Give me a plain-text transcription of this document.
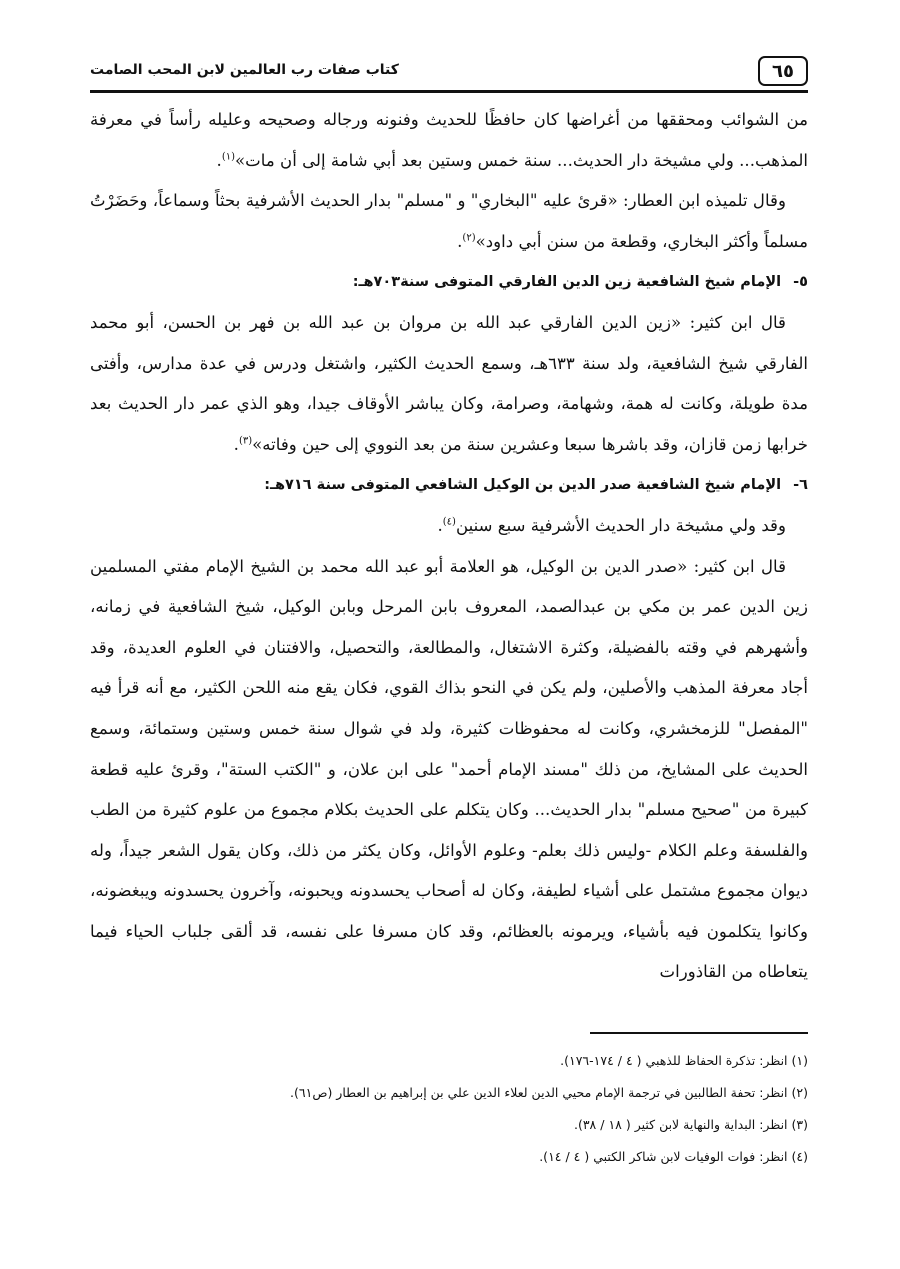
٦٥
كتاب صفات رب العالمين لابن المحب الصامت

من الشوائب ومحققها من أغراضها كان حافظًا للحديث وفنونه ورجاله وصحيحه وعليله رأساً في معرفة المذهب... ولي مشيخة دار الحديث... سنة خمس وستين بعد أبي شامة إلى أن مات»$^{(١)}$.

وقال تلميذه ابن العطار: «قرئ عليه "البخاري" و "مسلم" بدار الحديث الأشرفية بحثاً وسماعاً، وحَضَرْتُ مسلماً وأكثر البخاري، وقطعة من سنن أبي داود»$^{(٢)}$.

٥-الإمام شيخ الشافعية زين الدين الفارقي المتوفى سنة٧٠٣هـ:

قال ابن كثير: «زين الدين الفارقي عبد الله بن مروان بن عبد الله بن فهر بن الحسن، أبو محمد الفارقي شيخ الشافعية، ولد سنة ٦٣٣هـ، وسمع الحديث الكثير، واشتغل ودرس في عدة مدارس، وأفتى مدة طويلة، وكانت له همة، وشهامة، وصرامة، وكان يباشر الأوقاف جيدا، وهو الذي عمر دار الحديث بعد خرابها زمن قازان، وقد باشرها سبعا وعشرين سنة من بعد النووي إلى حين وفاته»$^{(٣)}$.

٦-الإمام شيخ الشافعية صدر الدين بن الوكيل الشافعي المتوفى سنة ٧١٦هـ:

وقد ولي مشيخة دار الحديث الأشرفية سبع سنين$^{(٤)}$.

قال ابن كثير: «صدر الدين بن الوكيل، هو العلامة أبو عبد الله محمد بن الشيخ الإمام مفتي المسلمين زين الدين عمر بن مكي بن عبدالصمد، المعروف بابن المرحل وبابن الوكيل، شيخ الشافعية في زمانه، وأشهرهم في وقته بالفضيلة، وكثرة الاشتغال، والمطالعة، والتحصيل، والافتنان في العلوم العديدة، وقد أجاد معرفة المذهب والأصلين، ولم يكن في النحو بذاك القوي، فكان يقع منه اللحن الكثير، مع أنه قرأ فيه "المفصل" للزمخشري، وكانت له محفوظات كثيرة، ولد في شوال سنة خمس وستين وستمائة، وسمع الحديث على المشايخ، من ذلك "مسند الإمام أحمد" على ابن علان، و "الكتب الستة"، وقرئ عليه قطعة كبيرة من "صحيح مسلم" بدار الحديث... وكان يتكلم على الحديث بكلام مجموع من علوم كثيرة من الطب والفلسفة وعلم الكلام -وليس ذلك بعلم- وعلوم الأوائل، وكان يكثر من ذلك، وكان يقول الشعر جيداً، وله ديوان مجموع مشتمل على أشياء لطيفة، وكان له أصحاب يحسدونه ويحبونه، وآخرون يحسدونه ويبغضونه، وكانوا يتكلمون فيه بأشياء، ويرمونه بالعظائم، وقد كان مسرفا على نفسه، قد ألقى جلباب الحياء فيما يتعاطاه من القاذورات

(١) انظر: تذكرة الحفاظ للذهبي ( ٤ / ١٧٤-١٧٦).

(٢) انظر: تحفة الطالبين في ترجمة الإمام محيي الدين لعلاء الدين علي بن إبراهيم بن العطار (ص٦١).

(٣) انظر: البداية والنهاية لابن كثير ( ١٨ / ٣٨).

(٤) انظر: فوات الوفيات لابن شاكر الكتبي ( ٤ / ١٤).
